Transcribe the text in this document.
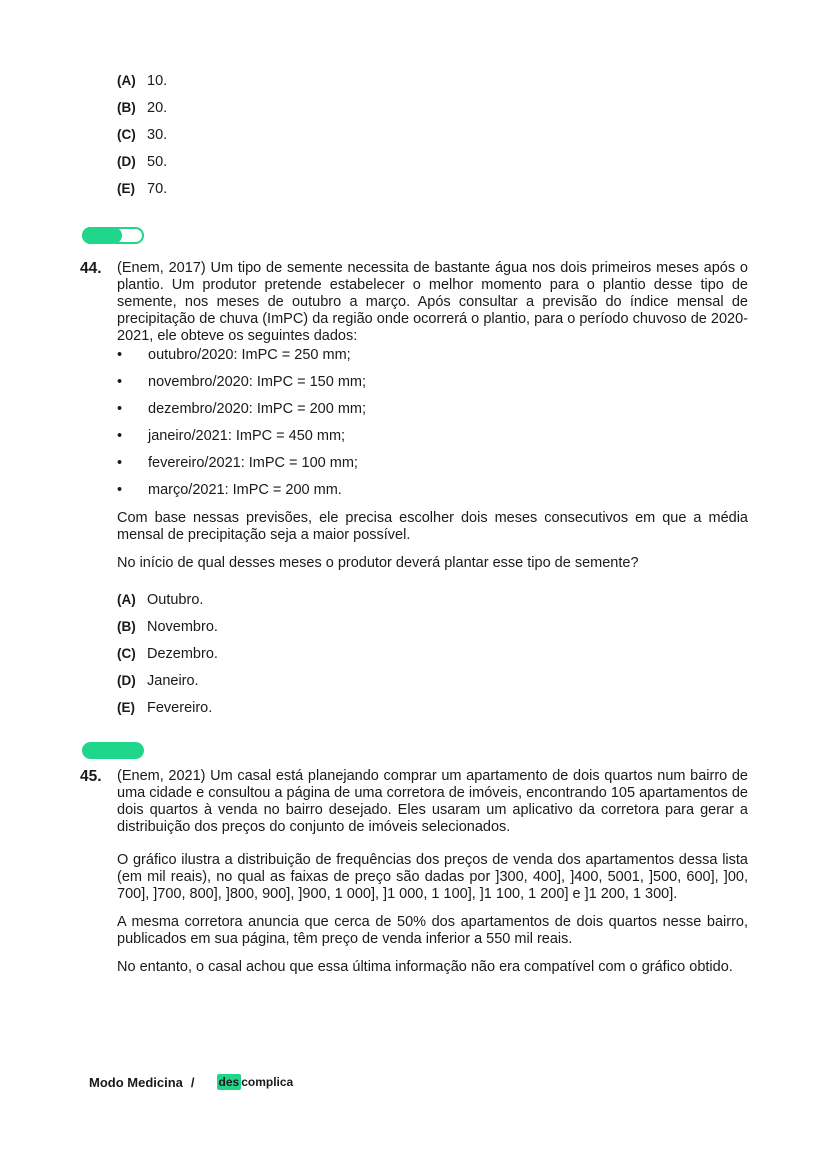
(A) 10.
(B) 20.
(C) 30.
(D) 50.
(E) 70.
44. (Enem, 2017) Um tipo de semente necessita de bastante água nos dois primeiros meses após o plantio. Um produtor pretende estabelecer o melhor momento para o plantio desse tipo de semente, nos meses de outubro a março. Após consultar a previsão do índice mensal de precipitação de chuva (ImPC) da região onde ocorrerá o plantio, para o período chuvoso de 2020-2021, ele obteve os seguintes dados:
• outubro/2020: ImPC = 250 mm;
• novembro/2020: ImPC = 150 mm;
• dezembro/2020: ImPC = 200 mm;
• janeiro/2021: ImPC = 450 mm;
• fevereiro/2021: ImPC = 100 mm;
• março/2021: ImPC = 200 mm.
Com base nessas previsões, ele precisa escolher dois meses consecutivos em que a média mensal de precipitação seja a maior possível.
No início de qual desses meses o produtor deverá plantar esse tipo de semente?
(A) Outubro.
(B) Novembro.
(C) Dezembro.
(D) Janeiro.
(E) Fevereiro.
45. (Enem, 2021) Um casal está planejando comprar um apartamento de dois quartos num bairro de uma cidade e consultou a página de uma corretora de imóveis, encontrando 105 apartamentos de dois quartos à venda no bairro desejado. Eles usaram um aplicativo da corretora para gerar a distribuição dos preços do conjunto de imóveis selecionados.
O gráfico ilustra a distribuição de frequências dos preços de venda dos apartamentos dessa lista (em mil reais), no qual as faixas de preço são dadas por ]300, 400], ]400, 5001, ]500, 600], ]00, 700], ]700, 800], ]800, 900], ]900, 1 000], ]1 000, 1 100], ]1 100, 1 200] e ]1 200, 1 300].
A mesma corretora anuncia que cerca de 50% dos apartamentos de dois quartos nesse bairro, publicados em sua página, têm preço de venda inferior a 550 mil reais.
No entanto, o casal achou que essa última informação não era compatível com o gráfico obtido.
Modo Medicina / des complica
